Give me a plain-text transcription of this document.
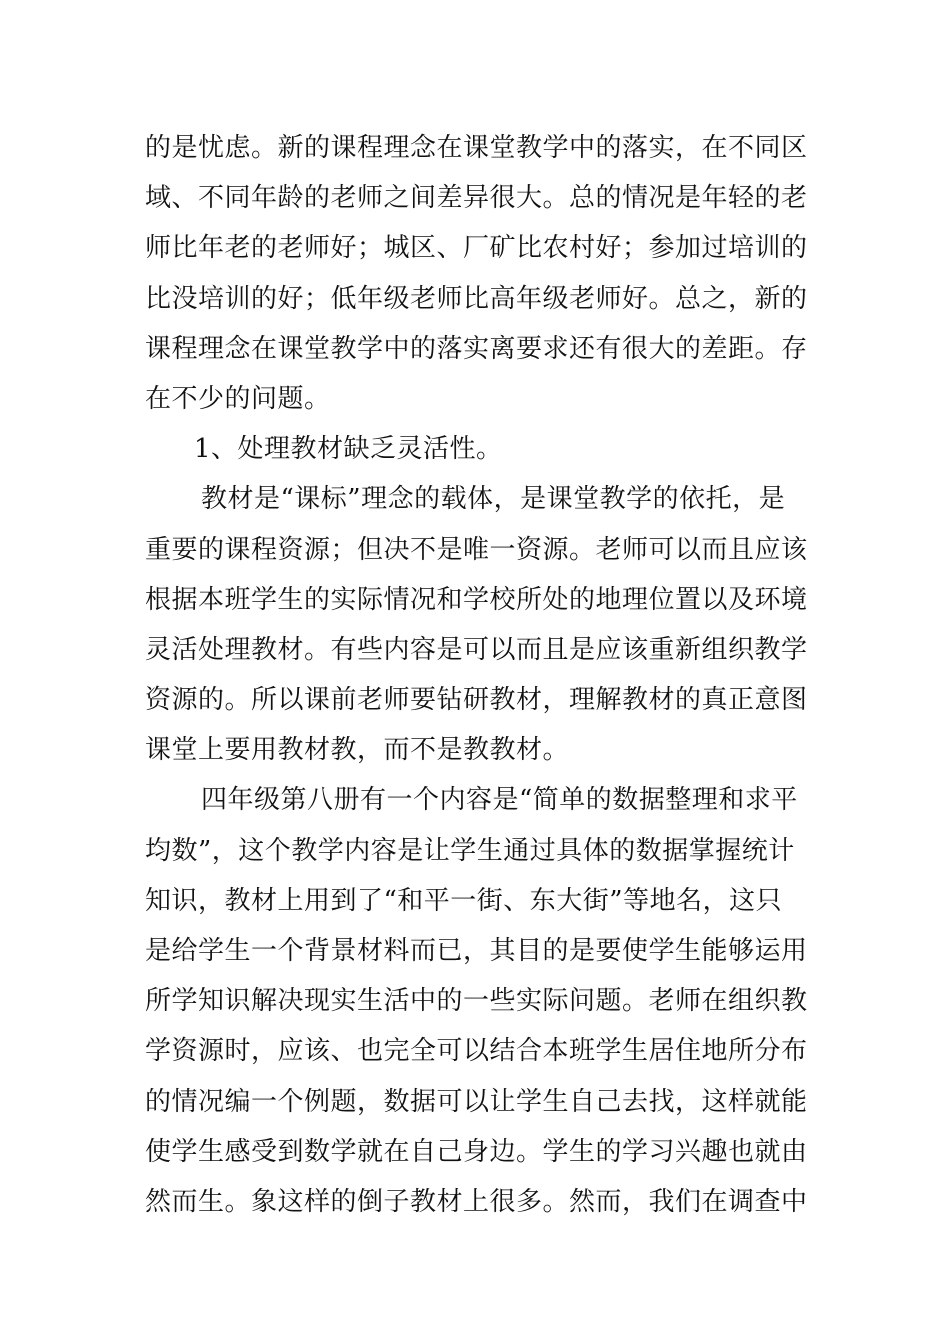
的是忧虑。新的课程理念在课堂教学中的落实，在不同区
域、不同年龄的老师之间差异很大。总的情况是年轻的老
师比年老的老师好；城区、厂矿比农村好；参加过培训的
比没培训的好；低年级老师比高年级老师好。总之，新的
课程理念在课堂教学中的落实离要求还有很大的差距。存
在不少的问题。
1、处理教材缺乏灵活性。
教材是“课标”理念的载体，是课堂教学的依托，是
重要的课程资源；但决不是唯一资源。老师可以而且应该
根据本班学生的实际情况和学校所处的地理位置以及环境
灵活处理教材。有些内容是可以而且是应该重新组织教学
资源的。所以课前老师要钻研教材，理解教材的真正意图
课堂上要用教材教，而不是教教材。
四年级第八册有一个内容是“简单的数据整理和求平
均数”，这个教学内容是让学生通过具体的数据掌握统计
知识，教材上用到了“和平一街、东大街”等地名，这只
是给学生一个背景材料而已，其目的是要使学生能够运用
所学知识解决现实生活中的一些实际问题。老师在组织教
学资源时，应该、也完全可以结合本班学生居住地所分布
的情况编一个例题，数据可以让学生自己去找，这样就能
使学生感受到数学就在自己身边。学生的学习兴趣也就由
然而生。象这样的倒子教材上很多。然而，我们在调查中
